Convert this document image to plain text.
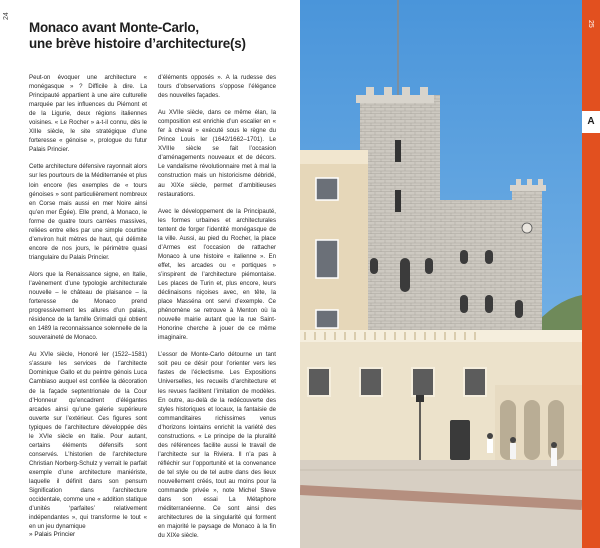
24
Monaco avant Monte-Carlo,
une brève histoire d’architecture(s)

Peut-on évoquer une architecture « monégasque » ? Difficile à dire. La Principauté appartient à une aire culturelle marquée par les influences du Piémont et de la Ligurie, deux régions italiennes voisines. « Le Rocher » a-t-il connu, dès le XIIIe siècle, le site stratégique d’une forteresse « génoise », prologue du futur Palais Princier.

Cette architecture défensive rayonnait alors sur les pourtours de la Méditerranée et plus loin encore (les exemples de « tours génoises » sont particulièrement nombreux en Corse mais aussi en mer Noire ainsi qu’en mer Égée). Elle prend, à Monaco, le forme de quatre tours carrées massives, reliées entre elles par une simple courtine d’environ huit mètres de haut, qui délimite encore de nos jours, le périmètre quasi triangulaire du Palais Princier.

Alors que la Renaissance signe, en Italie, l’avènement d’une typologie architecturale nouvelle – le château de plaisance – la forteresse de Monaco prend progressivement les allures d’un palais, résidence de la famille Grimaldi qui obtient en 1489 la reconnaissance solennelle de la souveraineté de Monaco.

Au XVIe siècle, Honoré Ier (1522–1581) s’assure les services de l’architecte Dominique Gallo et du peintre génois Luca Cambiaso auquel est confiée la décoration de la façade septentrionale de la Cour d’Honneur qu’encadrent d’élégantes arcades ainsi qu’une galerie supérieure ouverte sur l’extérieur. Ces figures sont typiques de l’architecture développée dès le XVIe siècle en Italie. Pour autant, certains éléments défensifs sont conservés. L’historien de l’architecture Christian Norberg-Schulz y verrait le parfait exemple d’une architecture maniériste, laquelle il définit dans son pensum Signification dans l’architecture occidentale, comme une « addition statique d’unités ‘parfaites’ relativement indépendantes », qui transforme le tout « en un jeu dynamique

d’éléments opposés ». A la rudesse des tours d’observations s’oppose l’élégance des nouvelles façades.

Au XVIIe siècle, dans ce même élan, la composition est enrichie d’un escalier en « fer à cheval » exécuté sous le règne du Prince Louis Ier (1642/1662–1701). Le XVIIIe siècle se fait l’occasion d’aménagements nouveaux et de décors. Le vandalisme révolutionnaire met à mal la construction mais un historicisme débridé, au XIXe siècle, permet d’ambitieuses restaurations.

Avec le développement de la Principauté, les formes urbaines et architecturales tentent de forger l’identité monégasque de la ville. Aussi, au pied du Rocher, la place d’Armes est l’occasion de rattacher Monaco à une histoire « italienne ». En effet, les arcades ou « portiques » s’inspirent de l’architecture piémontaise. Les places de Turin et, plus encore, leurs déclinaisons niçoises avec, en tête, la place Masséna ont servi d’exemple. Ce phénomène se retrouve à Menton où la nouvelle mairie autant que la rue Saint-Honorine cherche à jouer de ce même imaginaire.

L’essor de Monte-Carlo détourne un tant soit peu ce désir pour l’orienter vers les fastes de l’éclectisme. Les Expositions Universelles, les recueils d’architecture et les revues facilitent l’imitation de modèles. En outre, au-delà de la redécouverte des styles historiques et locaux, la fantaisie de commanditaires richissimes venus d’horizons lointains enrichit la variété des constructions. « Le principe de la pluralité des références facilite aussi le travail de l’architecte sur la Riviera. Il n’a pas à réfléchir sur l’opportunité et la convenance de tel style ou de tel autre dans des lieux nouvellement créés, tout au moins pour la commande privée », note Michel Steve dans son essai La Métaphore méditerranéenne. Ce sont ainsi des architectures de la singularité qui forment en majorité le paysage de Monaco à la fin du XIXe siècle.

» Palais Princier
25
A
